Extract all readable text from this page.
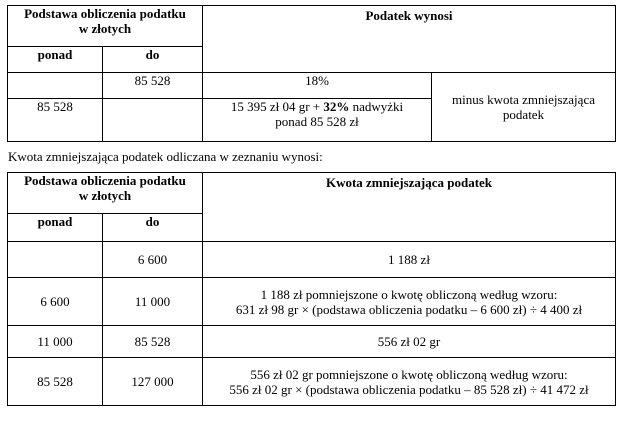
Podstawa obliczenia podatku
w złotych		Podatek wynosi	
ponad	do		
	85 528	18%	minus kwota zmniejszająca podatek

85 528		15 395 zł 04 gr + 32% nadwyżki
ponad 85 528 zł	
Kwota zmniejszająca podatek odliczana w zeznaniu wynosi:
Podstawa obliczenia podatku
w złotych		Kwota zmniejszająca podatek
ponad	do	
	6 600	1 188 zł

6 600	11 000	1 188 zł pomniejszone o kwotę obliczoną według wzoru:
631 zł 98 gr × (podstawa obliczenia podatku – 6 600 zł) ÷ 4 400 zł

11 000	85 528	556 zł 02 gr

85 528	127 000	556 zł 02 gr pomniejszone o kwotę obliczoną według wzoru:
556 zł 02 gr × (podstawa obliczenia podatku – 85 528 zł) ÷ 41 472 zł
